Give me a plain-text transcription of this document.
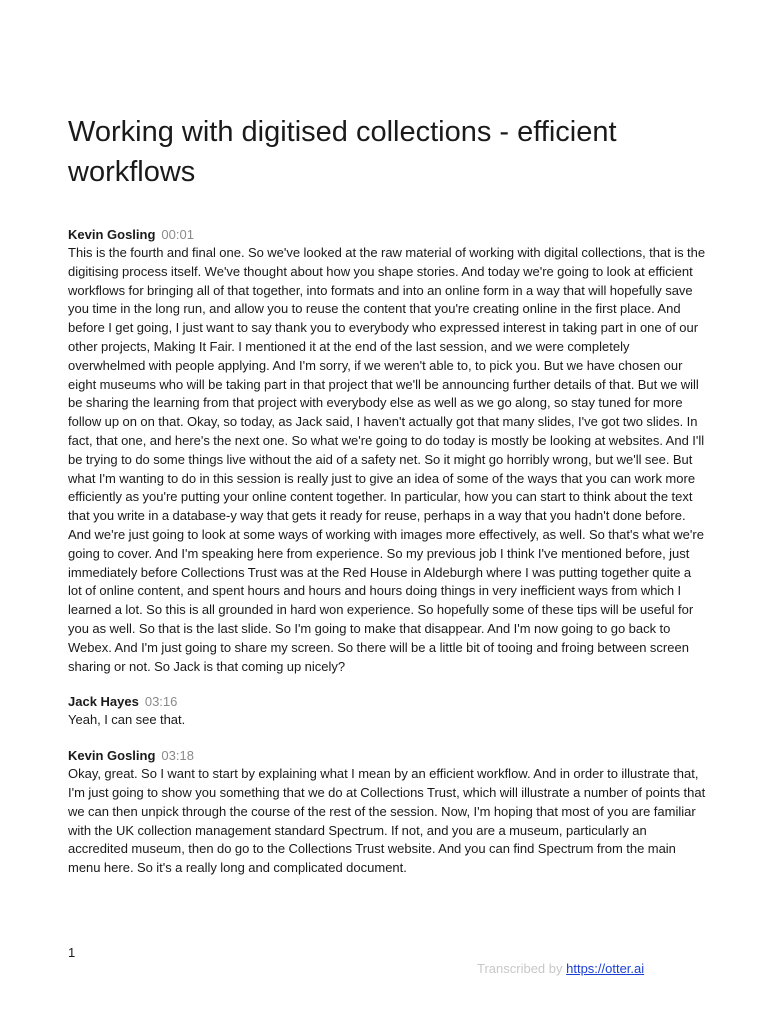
Working with digitised collections - efficient workflows
Kevin Gosling 00:01

This is the fourth and final one. So we've looked at the raw material of working with digital collections, that is the digitising process itself. We've thought about how you shape stories. And today we're going to look at efficient workflows for bringing all of that together, into formats and into an online form in a way that will hopefully save you time in the long run, and allow you to reuse the content that you're creating online in the first place. And before I get going, I just want to say thank you to everybody who expressed interest in taking part in one of our other projects, Making It Fair. I mentioned it at the end of the last session, and we were completely overwhelmed with people applying. And I'm sorry, if we weren't able to, to pick you. But we have chosen our eight museums who will be taking part in that project that we'll be announcing further details of that. But we will be sharing the learning from that project with everybody else as well as we go along, so stay tuned for more follow up on on that. Okay, so today, as Jack said, I haven't actually got that many slides, I've got two slides. In fact, that one, and here's the next one. So what we're going to do today is mostly be looking at websites. And I'll be trying to do some things live without the aid of a safety net. So it might go horribly wrong, but we'll see. But what I'm wanting to do in this session is really just to give an idea of some of the ways that you can work more efficiently as you're putting your online content together. In particular, how you can start to think about the text that you write in a database-y way that gets it ready for reuse, perhaps in a way that you hadn't done before. And we're just going to look at some ways of working with images more effectively, as well. So that's what we're going to cover. And I'm speaking here from experience. So my previous job I think I've mentioned before, just immediately before Collections Trust was at the Red House in Aldeburgh where I was putting together quite a lot of online content, and spent hours and hours and hours doing things in very inefficient ways from which I learned a lot. So this is all grounded in hard won experience. So hopefully some of these tips will be useful for you as well. So that is the last slide. So I'm going to make that disappear. And I'm now going to go back to Webex. And I'm just going to share my screen. So there will be a little bit of tooing and froing between screen sharing or not. So Jack is that coming up nicely?

Jack Hayes 03:16

Yeah, I can see that.

Kevin Gosling 03:18

Okay, great. So I want to start by explaining what I mean by an efficient workflow. And in order to illustrate that, I'm just going to show you something that we do at Collections Trust, which will illustrate a number of points that we can then unpick through the course of the rest of the session. Now, I'm hoping that most of you are familiar with the UK collection management standard Spectrum. If not, and you are a museum, particularly an accredited museum, then do go to the Collections Trust website. And you can find Spectrum from the main menu here. So it's a really long and complicated document.

1
Transcribed by https://otter.ai
